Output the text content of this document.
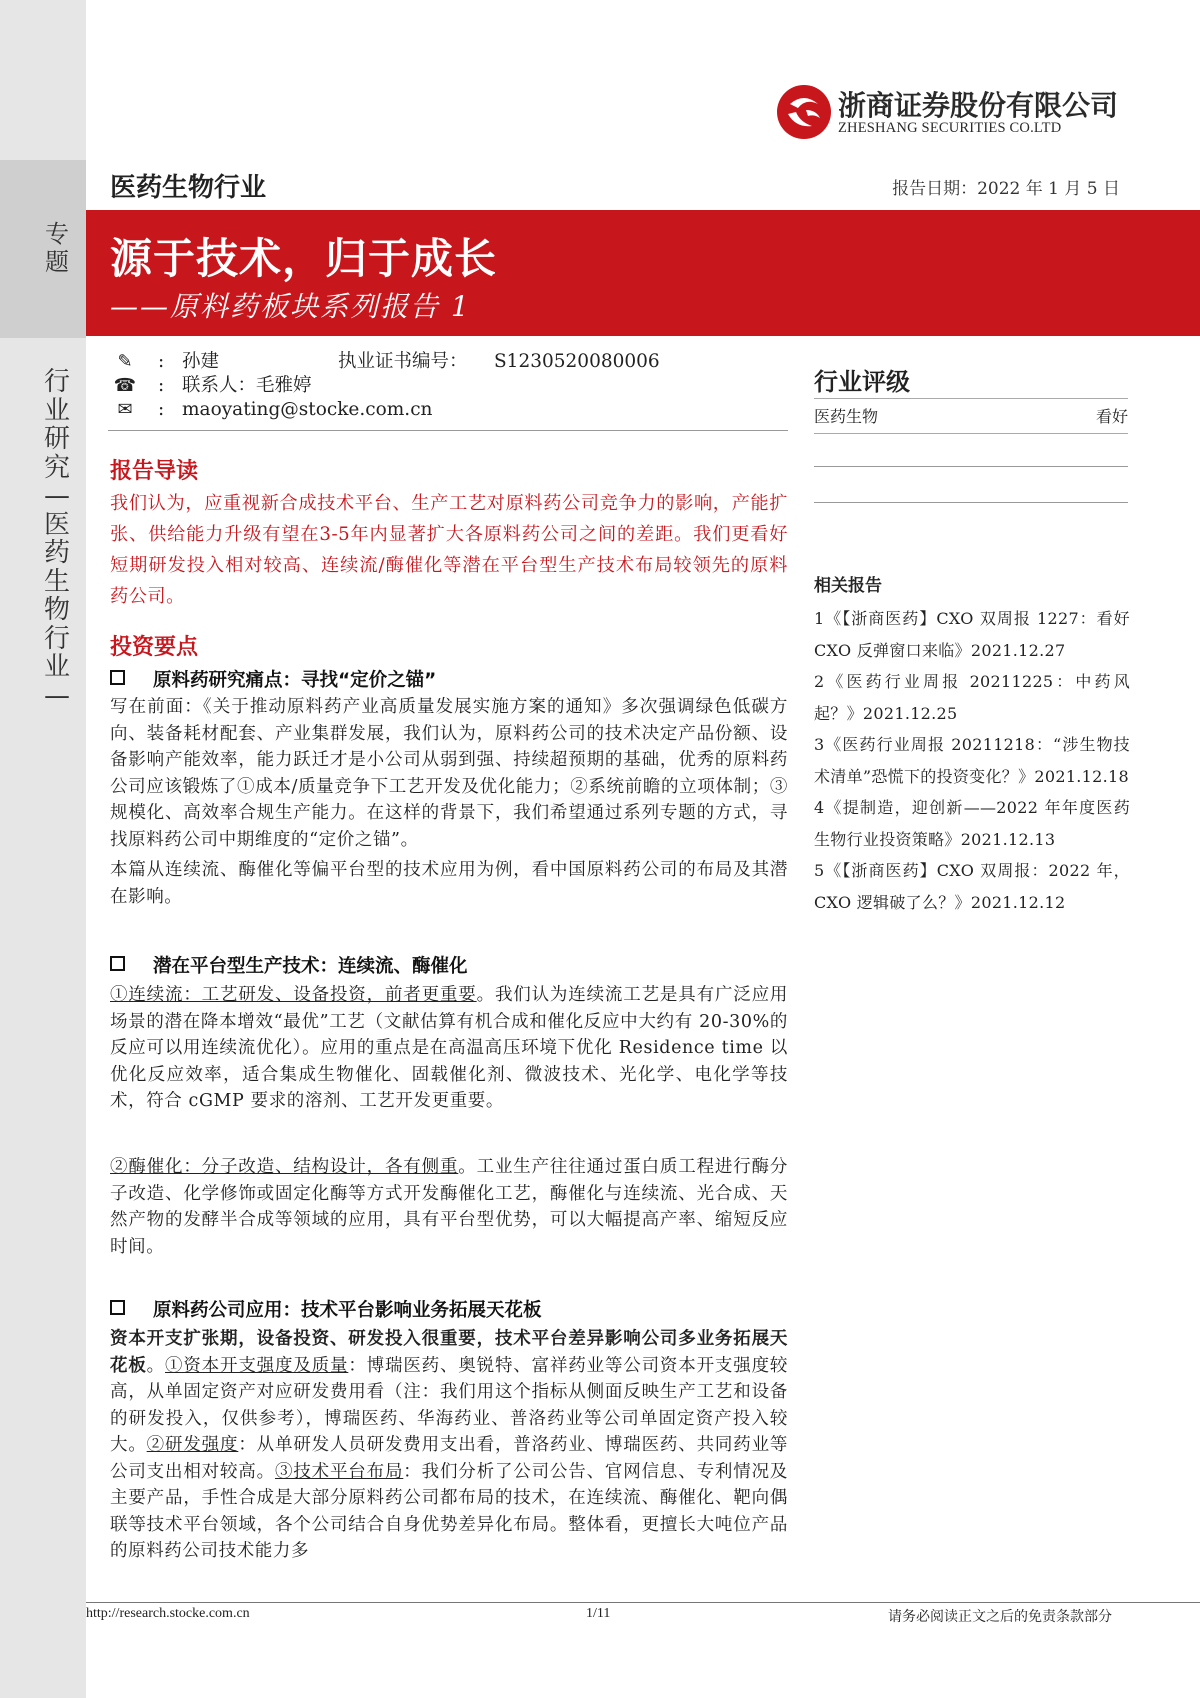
专题
行业研究—医药生物行业—
浙商证券股份有限公司
ZHESHANG SECURITIES CO.LTD
医药生物行业	报告日期：2022 年 1 月 5 日
源于技术，归于成长
——原料药板块系列报告 1
✎ : 孙建	执业证书编号： S1230520080006
☎ : 联系人：毛雅婷
✉ : maoyating@stocke.com.cn
报告导读
我们认为，应重视新合成技术平台、生产工艺对原料药公司竞争力的影响，产能扩张、供给能力升级有望在3-5年内显著扩大各原料药公司之间的差距。我们更看好短期研发投入相对较高、连续流/酶催化等潜在平台型生产技术布局较领先的原料药公司。
投资要点
原料药研究痛点：寻找“定价之锚”
写在前面：《关于推动原料药产业高质量发展实施方案的通知》多次强调绿色低碳方向、装备耗材配套、产业集群发展，我们认为，原料药公司的技术决定产品份额、设备影响产能效率，能力跃迁才是小公司从弱到强、持续超预期的基础，优秀的原料药公司应该锻炼了①成本/质量竞争下工艺开发及优化能力；②系统前瞻的立项体制；③规模化、高效率合规生产能力。在这样的背景下，我们希望通过系列专题的方式，寻找原料药公司中期维度的“定价之锚”。
本篇从连续流、酶催化等偏平台型的技术应用为例，看中国原料药公司的布局及其潜在影响。
潜在平台型生产技术：连续流、酶催化
①连续流：工艺研发、设备投资，前者更重要。我们认为连续流工艺是具有广泛应用场景的潜在降本增效“最优”工艺（文献估算有机合成和催化反应中大约有 20-30%的反应可以用连续流优化）。应用的重点是在高温高压环境下优化 Residence time 以优化反应效率，适合集成生物催化、固载催化剂、微波技术、光化学、电化学等技术，符合 cGMP 要求的溶剂、工艺开发更重要。
②酶催化：分子改造、结构设计，各有侧重。工业生产往往通过蛋白质工程进行酶分子改造、化学修饰或固定化酶等方式开发酶催化工艺，酶催化与连续流、光合成、天然产物的发酵半合成等领域的应用，具有平台型优势，可以大幅提高产率、缩短反应时间。
原料药公司应用：技术平台影响业务拓展天花板
资本开支扩张期，设备投资、研发投入很重要，技术平台差异影响公司多业务拓展天花板。①资本开支强度及质量：博瑞医药、奥锐特、富祥药业等公司资本开支强度较高，从单固定资产对应研发费用看（注：我们用这个指标从侧面反映生产工艺和设备的研发投入，仅供参考），博瑞医药、华海药业、普洛药业等公司单固定资产投入较大。②研发强度：从单研发人员研发费用支出看，普洛药业、博瑞医药、共同药业等公司支出相对较高。③技术平台布局：我们分析了公司公告、官网信息、专利情况及主要产品，手性合成是大部分原料药公司都布局的技术，在连续流、酶催化、靶向偶联等技术平台领域，各个公司结合自身优势差异化布局。整体看，更擅长大吨位产品的原料药公司技术能力多
行业评级
医药生物	看好
相关报告
1《【浙商医药】CXO 双周报 1227：看好 CXO 反弹窗口来临》2021.12.27
2《医药行业周报 20211225：中药风起？》2021.12.25
3《医药行业周报 20211218：“涉生物技术清单”恐慌下的投资变化？》2021.12.18
4《提制造，迎创新——2022 年年度医药生物行业投资策略》2021.12.13
5《【浙商医药】CXO 双周报：2022 年，CXO 逻辑破了么？》2021.12.12
http://research.stocke.com.cn	1/11	请务必阅读正文之后的免责条款部分
